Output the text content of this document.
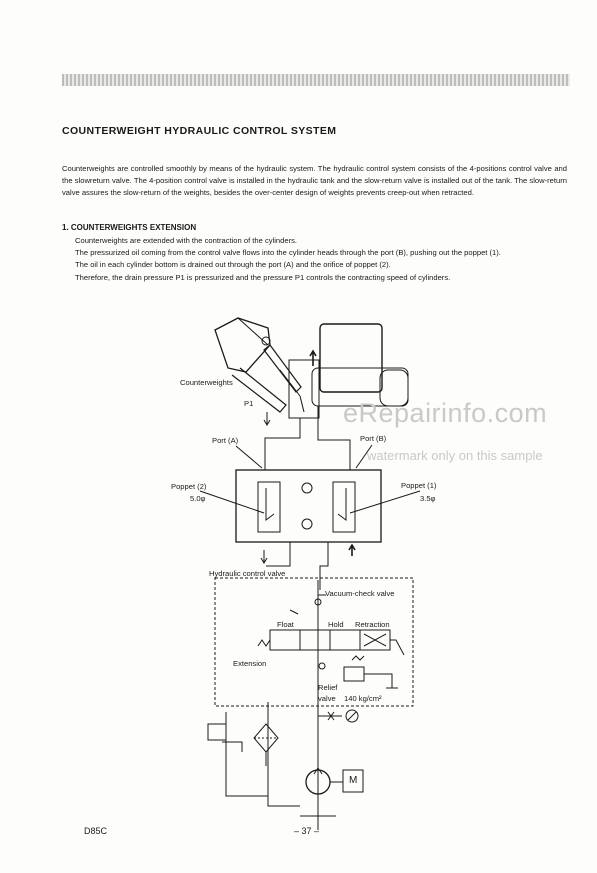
COUNTERWEIGHT HYDRAULIC CONTROL SYSTEM
Counterweights are controlled smoothly by means of the hydraulic system. The hydraulic control system consists of the 4-positions control valve and the slowreturn valve. The 4-position control valve is installed in the hydraulic tank and the slow-return valve is installed out of the tank. The slow-return valve assures the slow-return of the weights, besides the over-center design of weights prevents creep-out when retracted.
1. COUNTERWEIGHTS EXTENSION

Counterweights are extended with the contraction of the cylinders.

The pressurized oil coming from the control valve flows into the cylinder heads through the port (B), pushing out the poppet (1).

The oil in each cylinder bottom is drained out through the port (A) and the orifice of poppet (2).

Therefore, the drain pressure P1 is pressurized and the pressure P1 controls the contracting speed of cylinders.

Counterweights
P1
Port (A)	Port (B)
Poppet (2)
5.0φ
Poppet (1)
3.5φ
Hydraulic control valve
Vacuum-check valve
Float	Hold Retraction
Extension
Relief
valve 140 kg/cm²
M
eRepairinfo.com
watermark only on this sample
D85C	– 37 –
